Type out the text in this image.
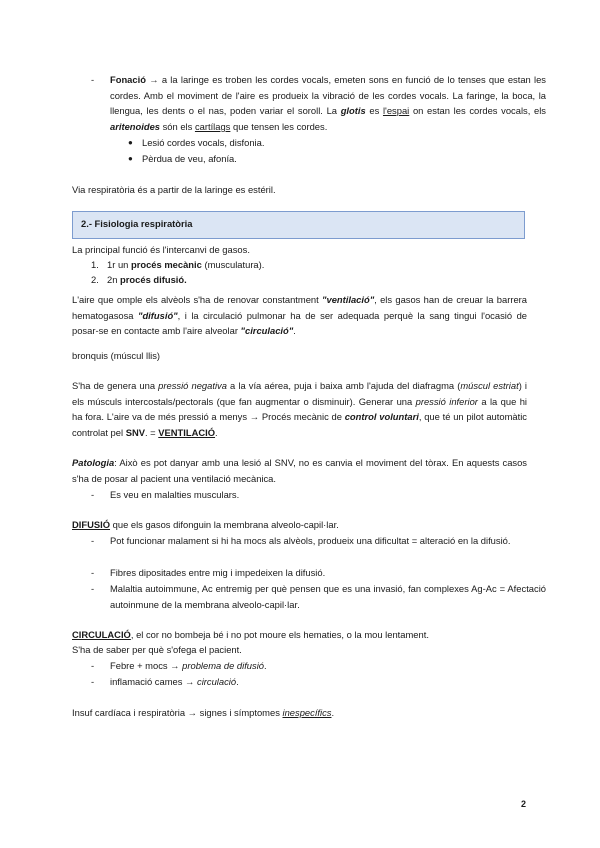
- Fonació → a la laringe es troben les cordes vocals, emeten sons en funció de lo tenses que estan les cordes. Amb el moviment de l'aire es produeix la vibració de les cordes vocals. La faringe, la boca, la llengua, les dents o el nas, poden variar el soroll. La glotis es l'espai on estan les cordes vocals, els aritenoides són els cartílags que tensen les cordes.
● Lesió cordes vocals, disfonia.
● Pèrdua de veu, afonía.
Via respiratòria és a partir de la laringe es estéril.
2.- Fisiologia respiratòria
La principal funció és l'intercanvi de gasos.
1. 1r un procés mecànic (musculatura).
2. 2n procés difusió.
L'aire que omple els alvèols s'ha de renovar constantment "ventilació", els gasos han de creuar la barrera hematogasosa "difusió", i la circulació pulmonar ha de ser adequada perquè la sang tingui l'ocasió de posar-se en contacte amb l'aire alveolar "circulació".
bronquis (múscul llis)
S'ha de genera una pressió negativa a la vía aérea, puja i baixa amb l'ajuda del diafragma (múscul estriat) i els músculs intercostals/pectorals (que fan augmentar o disminuir). Generar una pressió inferior a la que hi ha fora. L'aire va de més pressió a menys → Procés mecànic de control voluntari, que té un pilot automàtic controlat pel SNV. = VENTILACIÓ.
Patologia: Això es pot danyar amb una lesió al SNV, no es canvia el moviment del tòrax. En aquests casos s'ha de posar al pacient una ventilació mecànica.
- Es veu en malalties musculars.
DIFUSIÓ que els gasos difonguin la membrana alveolo-capil·lar.
- Pot funcionar malament si hi ha mocs als alvèols, produeix una dificultat = alteració en la difusió.
- Fibres dipositades entre mig i impedeixen la difusió.
- Malaltia autoimmune, Ac entremig per què pensen que es una invasió, fan complexes Ag-Ac = Afectació autoinmune de la membrana alveolo-capil·lar.
CIRCULACIÓ, el cor no bombeja bé i no pot moure els hematies, o la mou lentament.
S'ha de saber per què s'ofega el pacient.
- Febre + mocs → problema de difusió.
- inflamació cames → circulació.
Insuf cardíaca i respiratòria → signes i símptomes inespecífics.
2
